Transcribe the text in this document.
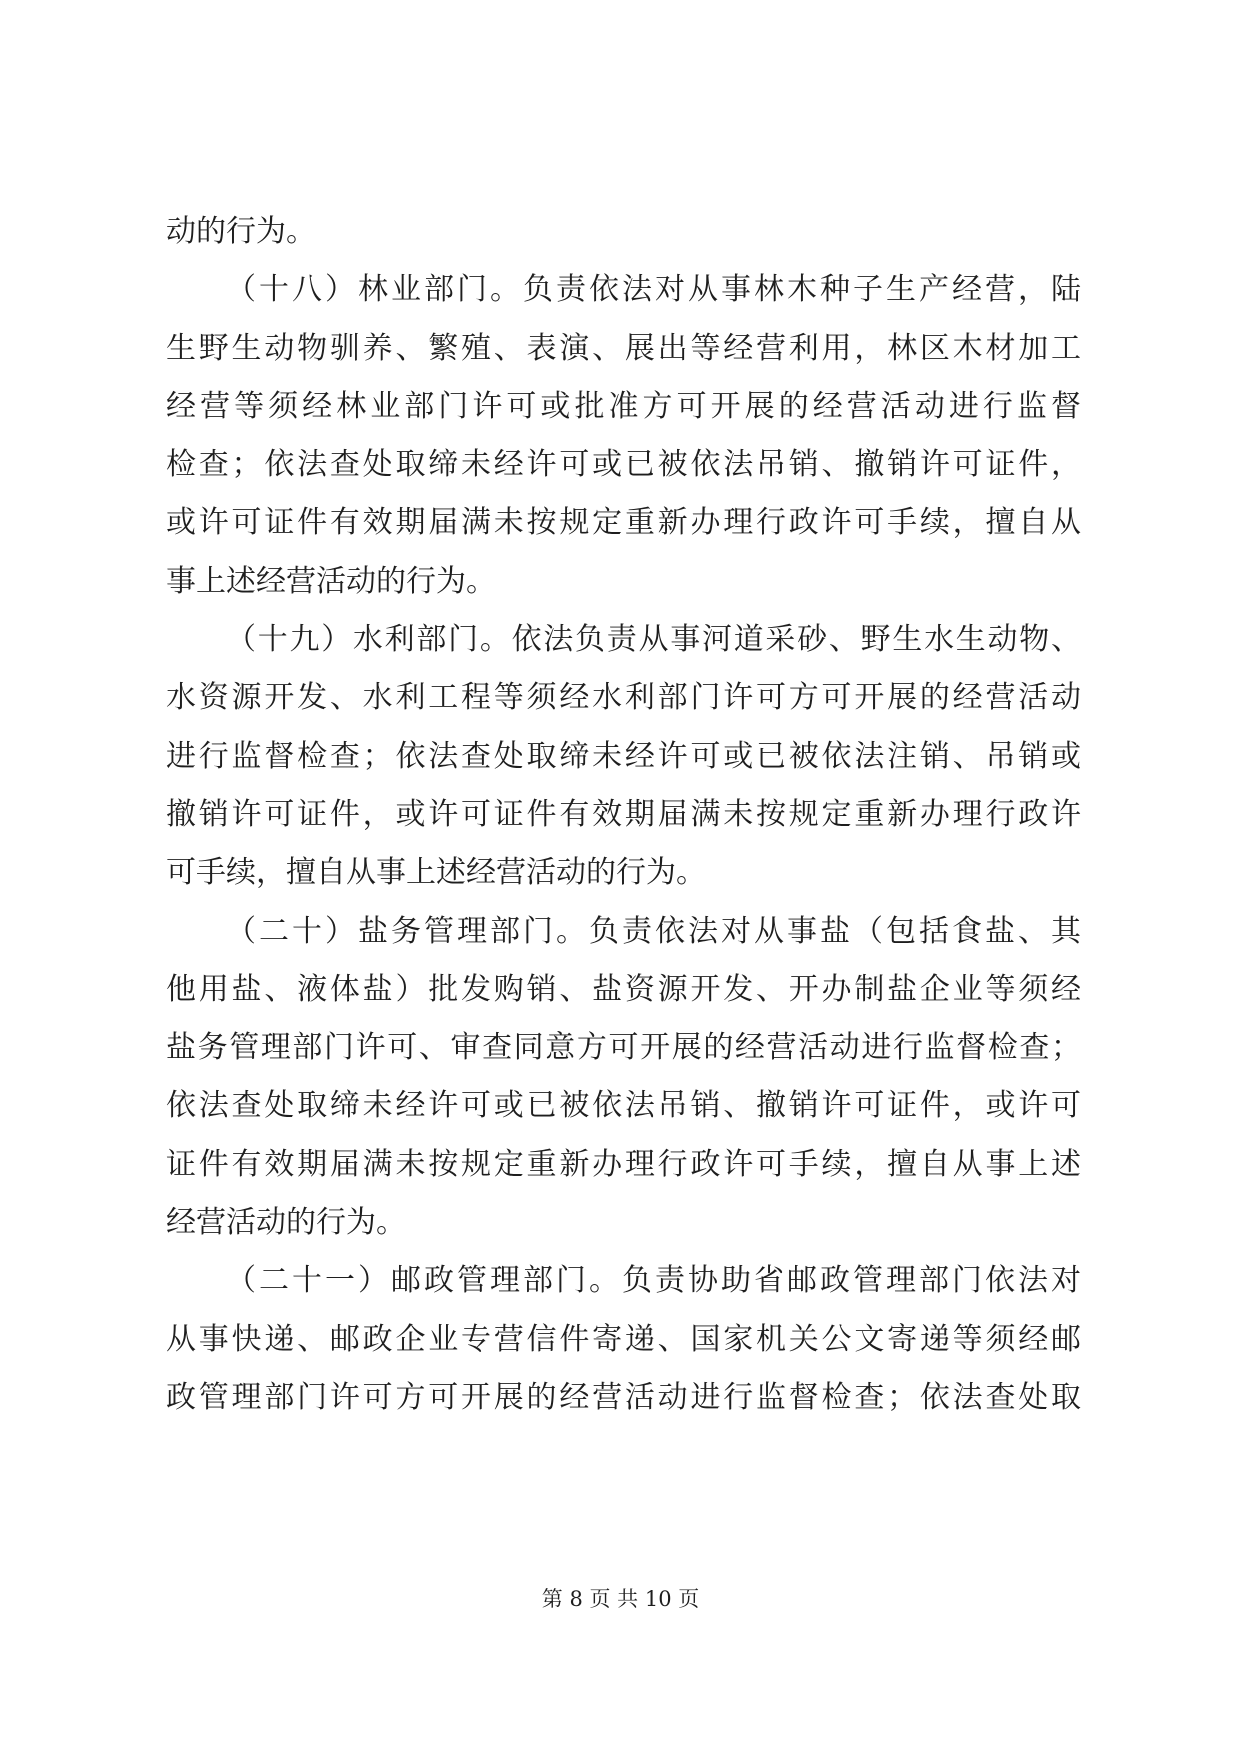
动的行为。
（十八）林业部门。负责依法对从事林木种子生产经营，陆
生野生动物驯养、繁殖、表演、展出等经营利用，林区木材加工
经营等须经林业部门许可或批准方可开展的经营活动进行监督
检查；依法查处取缔未经许可或已被依法吊销、撤销许可证件，
或许可证件有效期届满未按规定重新办理行政许可手续，擅自从
事上述经营活动的行为。
（十九）水利部门。依法负责从事河道采砂、野生水生动物、
水资源开发、水利工程等须经水利部门许可方可开展的经营活动
进行监督检查；依法查处取缔未经许可或已被依法注销、吊销或
撤销许可证件，或许可证件有效期届满未按规定重新办理行政许
可手续，擅自从事上述经营活动的行为。
（二十）盐务管理部门。负责依法对从事盐（包括食盐、其
他用盐、液体盐）批发购销、盐资源开发、开办制盐企业等须经
盐务管理部门许可、审查同意方可开展的经营活动进行监督检查；
依法查处取缔未经许可或已被依法吊销、撤销许可证件，或许可
证件有效期届满未按规定重新办理行政许可手续，擅自从事上述
经营活动的行为。
（二十一）邮政管理部门。负责协助省邮政管理部门依法对
从事快递、邮政企业专营信件寄递、国家机关公文寄递等须经邮
政管理部门许可方可开展的经营活动进行监督检查；依法查处取
第 8 页 共 10 页
